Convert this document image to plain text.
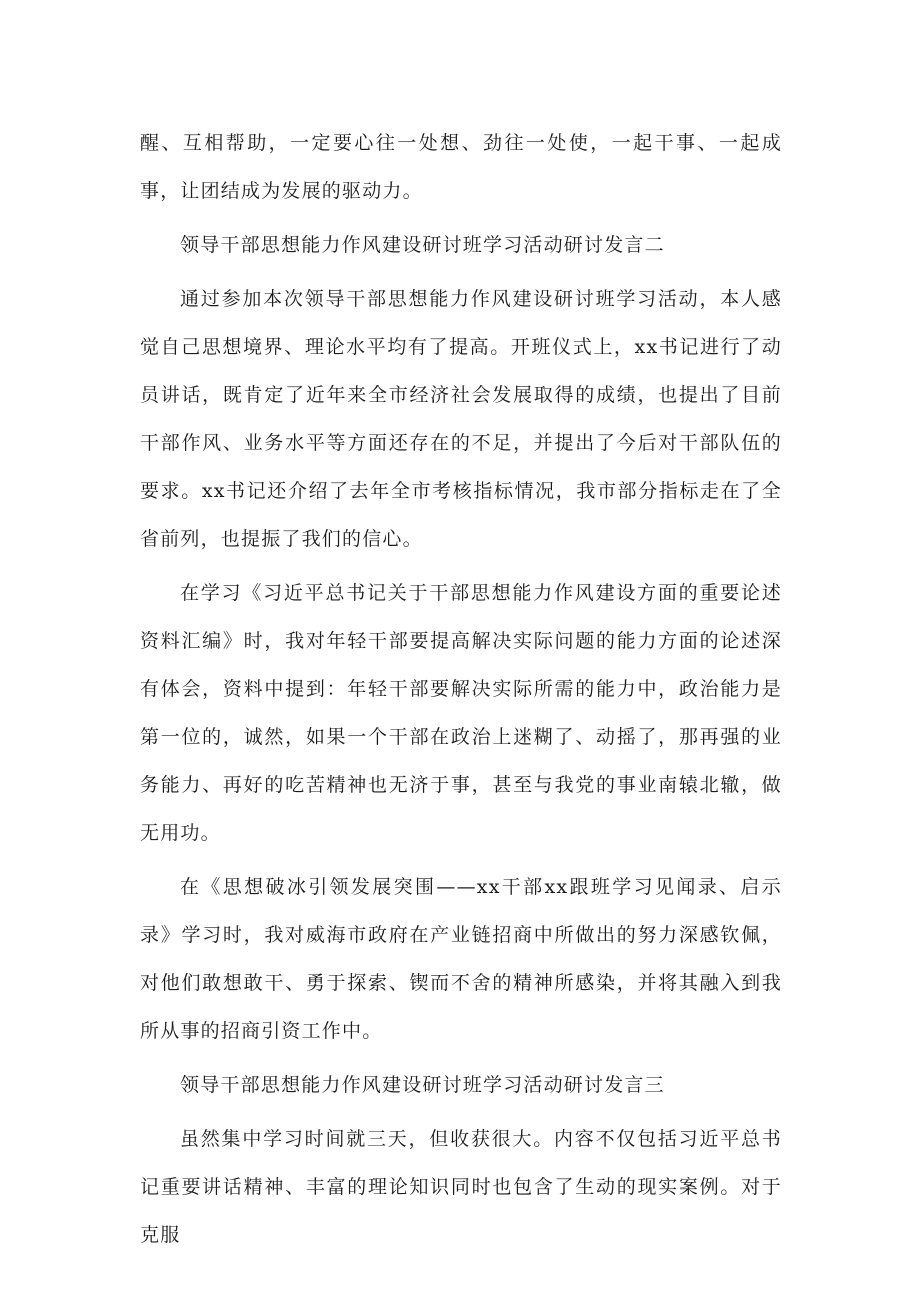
醒、互相帮助，一定要心往一处想、劲往一处使，一起干事、一起成事，让团结成为发展的驱动力。

领导干部思想能力作风建设研讨班学习活动研讨发言二

通过参加本次领导干部思想能力作风建设研讨班学习活动，本人感觉自己思想境界、理论水平均有了提高。开班仪式上，xx书记进行了动员讲话，既肯定了近年来全市经济社会发展取得的成绩，也提出了目前干部作风、业务水平等方面还存在的不足，并提出了今后对干部队伍的要求。xx书记还介绍了去年全市考核指标情况，我市部分指标走在了全省前列，也提振了我们的信心。

在学习《习近平总书记关于干部思想能力作风建设方面的重要论述资料汇编》时，我对年轻干部要提高解决实际问题的能力方面的论述深有体会，资料中提到：年轻干部要解决实际所需的能力中，政治能力是第一位的，诚然，如果一个干部在政治上迷糊了、动摇了，那再强的业务能力、再好的吃苦精神也无济于事，甚至与我党的事业南辕北辙，做无用功。

在《思想破冰引领发展突围——xx干部xx跟班学习见闻录、启示录》学习时，我对威海市政府在产业链招商中所做出的努力深感钦佩，对他们敢想敢干、勇于探索、锲而不舍的精神所感染，并将其融入到我所从事的招商引资工作中。

领导干部思想能力作风建设研讨班学习活动研讨发言三

虽然集中学习时间就三天，但收获很大。内容不仅包括习近平总书记重要讲话精神、丰富的理论知识同时也包含了生动的现实案例。对于克服
